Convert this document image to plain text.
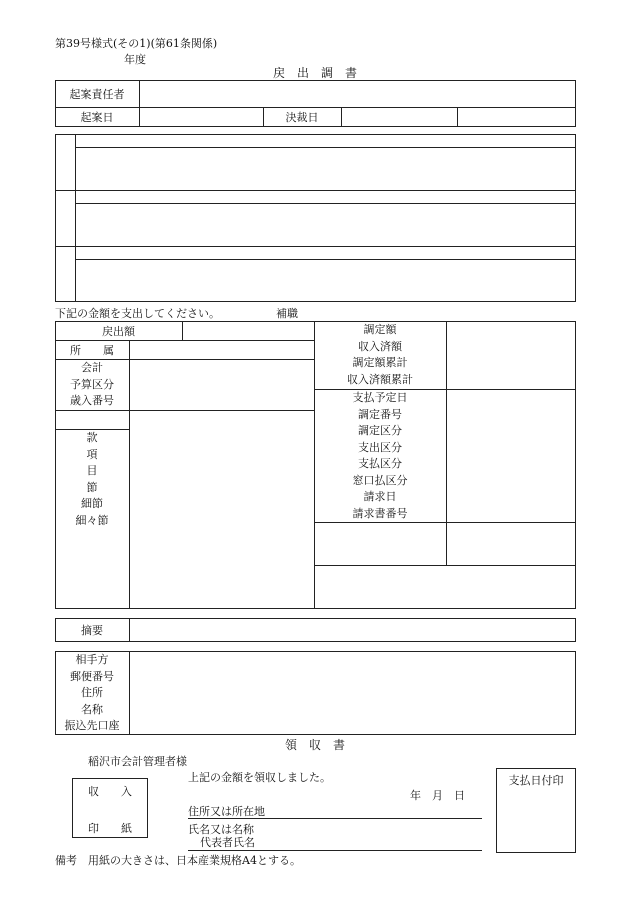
第39号様式(その1)(第61条関係)
年度
戻　出　調　書
起案責任者
起案日	決裁日
下記の金額を支出してください。	補職
戻出額
所　　属
会計
予算区分
歳入番号
款
項
目
節
細節
細々節
調定額
収入済額
調定額累計
収入済額累計
支払予定日
調定番号
調定区分
支出区分
支払区分
窓口払区分
請求日
請求書番号
摘要
相手方
郵便番号
住所
名称
振込先口座
領　収　書
稲沢市会計管理者様
上記の金額を領収しました。
年　月　日
収　　入
印　　紙
住所又は所在地
氏名又は名称
代表者氏名
支払日付印
備考　用紙の大きさは、日本産業規格A4とする。
